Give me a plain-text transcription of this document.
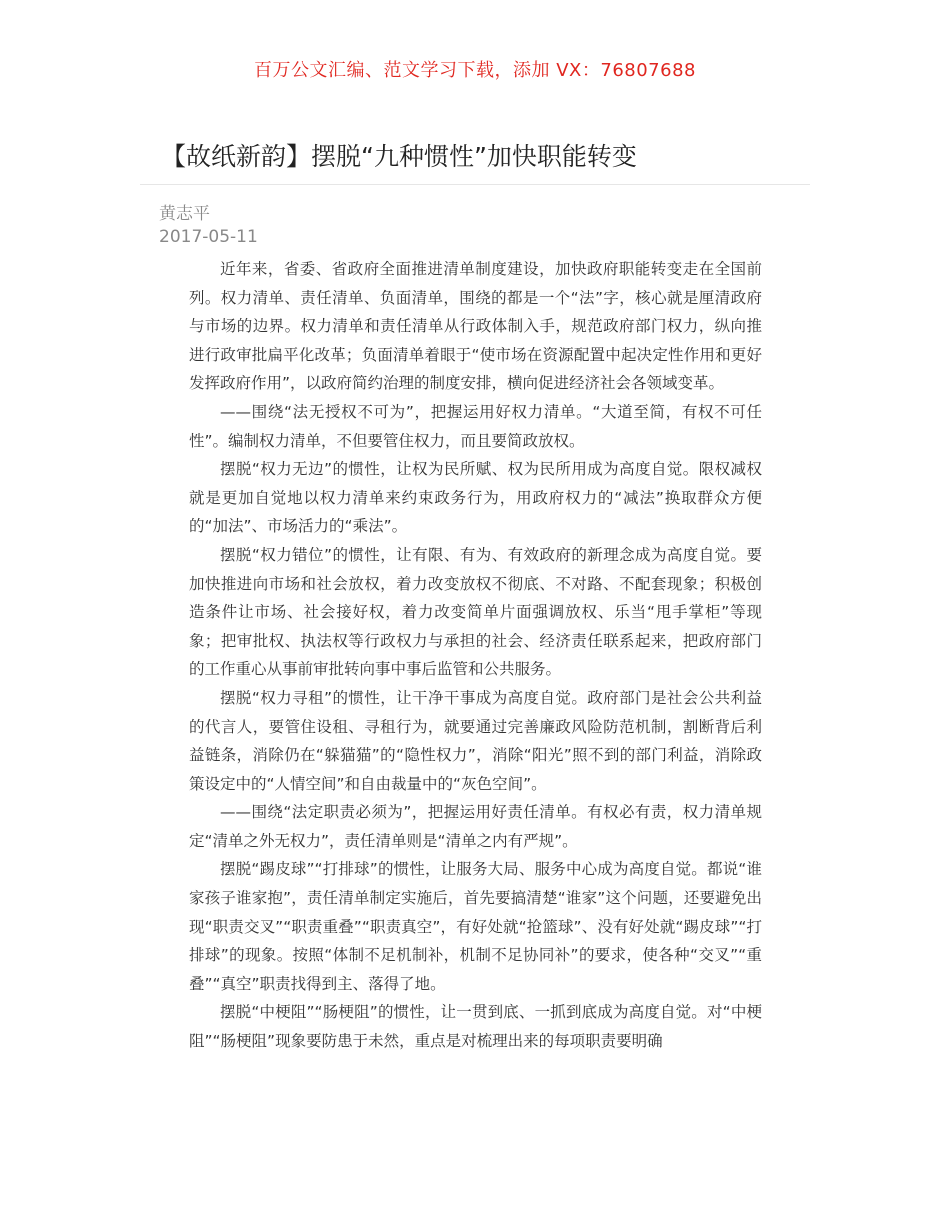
百万公文汇编、范文学习下载，添加 VX：76807688
【故纸新韵】摆脱“九种惯性”加快职能转变
黄志平
2017-05-11

近年来，省委、省政府全面推进清单制度建设，加快政府职能转变走在全国前列。权力清单、责任清单、负面清单，围绕的都是一个“法”字，核心就是厘清政府与市场的边界。权力清单和责任清单从行政体制入手，规范政府部门权力，纵向推进行政审批扁平化改革；负面清单着眼于“使市场在资源配置中起决定性作用和更好发挥政府作用”，以政府简约治理的制度安排，横向促进经济社会各领域变革。

——围绕“法无授权不可为”，把握运用好权力清单。“大道至简，有权不可任性”。编制权力清单，不但要管住权力，而且要简政放权。

摆脱“权力无边”的惯性，让权为民所赋、权为民所用成为高度自觉。限权减权就是更加自觉地以权力清单来约束政务行为，用政府权力的“减法”换取群众方便的“加法”、市场活力的“乘法”。

摆脱“权力错位”的惯性，让有限、有为、有效政府的新理念成为高度自觉。要加快推进向市场和社会放权，着力改变放权不彻底、不对路、不配套现象；积极创造条件让市场、社会接好权，着力改变简单片面强调放权、乐当“甩手掌柜”等现象；把审批权、执法权等行政权力与承担的社会、经济责任联系起来，把政府部门的工作重心从事前审批转向事中事后监管和公共服务。

摆脱“权力寻租”的惯性，让干净干事成为高度自觉。政府部门是社会公共利益的代言人，要管住设租、寻租行为，就要通过完善廉政风险防范机制，割断背后利益链条，消除仍在“躲猫猫”的“隐性权力”，消除“阳光”照不到的部门利益，消除政策设定中的“人情空间”和自由裁量中的“灰色空间”。

——围绕“法定职责必须为”，把握运用好责任清单。有权必有责，权力清单规定“清单之外无权力”，责任清单则是“清单之内有严规”。

摆脱“踢皮球”“打排球”的惯性，让服务大局、服务中心成为高度自觉。都说“谁家孩子谁家抱”，责任清单制定实施后，首先要搞清楚“谁家”这个问题，还要避免出现“职责交叉”“职责重叠”“职责真空”，有好处就“抢篮球”、没有好处就“踢皮球”“打排球”的现象。按照“体制不足机制补，机制不足协同补”的要求，使各种“交叉”“重叠”“真空”职责找得到主、落得了地。

摆脱“中梗阻”“肠梗阻”的惯性，让一贯到底、一抓到底成为高度自觉。对“中梗阻”“肠梗阻”现象要防患于未然，重点是对梳理出来的每项职责要明确
